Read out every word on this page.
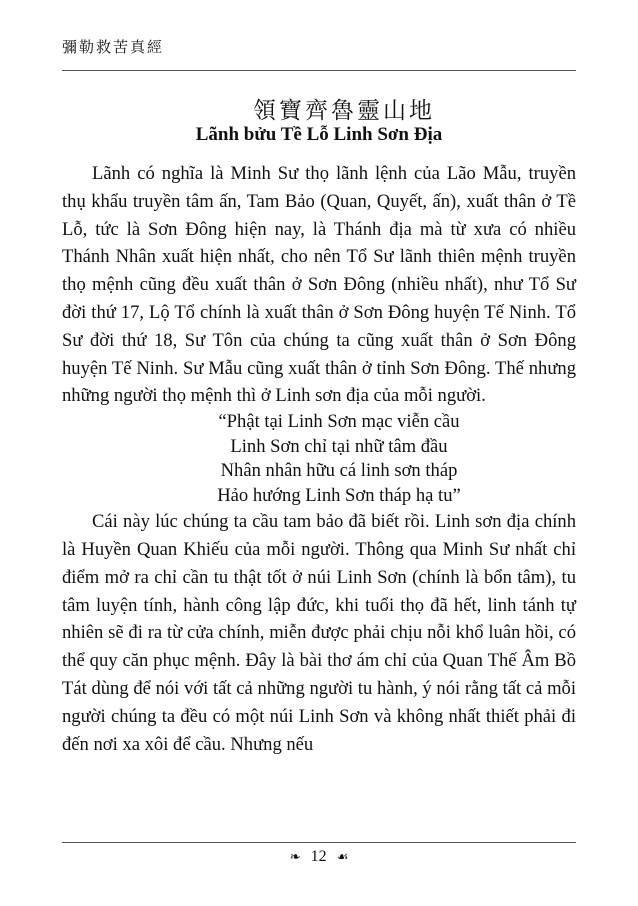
彌勒救苦真經
領寶齊魯靈山地
Lãnh bửu Tề Lỗ Linh Sơn Địa

Lãnh có nghĩa là Minh Sư thọ lãnh lệnh của Lão Mẫu, truyền thụ khẩu truyền tâm ấn, Tam Bảo (Quan, Quyết, ấn), xuất thân ở Tề Lỗ, tức là Sơn Đông hiện nay, là Thánh địa mà từ xưa có nhiều Thánh Nhân xuất hiện nhất, cho nên Tổ Sư lãnh thiên mệnh truyền thọ mệnh cũng đều xuất thân ở Sơn Đông (nhiều nhất), như Tổ Sư đời thứ 17, Lộ Tổ chính là xuất thân ở Sơn Đông huyện Tế Ninh. Tổ Sư đời thứ 18, Sư Tôn của chúng ta cũng xuất thân ở Sơn Đông huyện Tế Ninh. Sư Mẫu cũng xuất thân ở tỉnh Sơn Đông. Thế nhưng những người thọ mệnh thì ở Linh sơn địa của mỗi người.

“Phật tại Linh Sơn mạc viễn cầu
Linh Sơn chỉ tại nhữ tâm đầu
Nhân nhân hữu cá linh sơn tháp
Hảo hướng Linh Sơn tháp hạ tu”

Cái này lúc chúng ta cầu tam bảo đã biết rồi. Linh sơn địa chính là Huyền Quan Khiếu của mỗi người. Thông qua Minh Sư nhất chỉ điểm mở ra chỉ cần tu thật tốt ở núi Linh Sơn (chính là bổn tâm), tu tâm luyện tính, hành công lập đức, khi tuổi thọ đã hết, linh tánh tự nhiên sẽ đi ra từ cửa chính, miễn được phải chịu nỗi khổ luân hồi, có thể quy căn phục mệnh. Đây là bài thơ ám chỉ của Quan Thế Âm Bồ Tát dùng để nói với tất cả những người tu hành, ý nói rằng tất cả mỗi người chúng ta đều có một núi Linh Sơn và không nhất thiết phải đi đến nơi xa xôi để cầu. Nhưng nếu

❧ 12 ☙
